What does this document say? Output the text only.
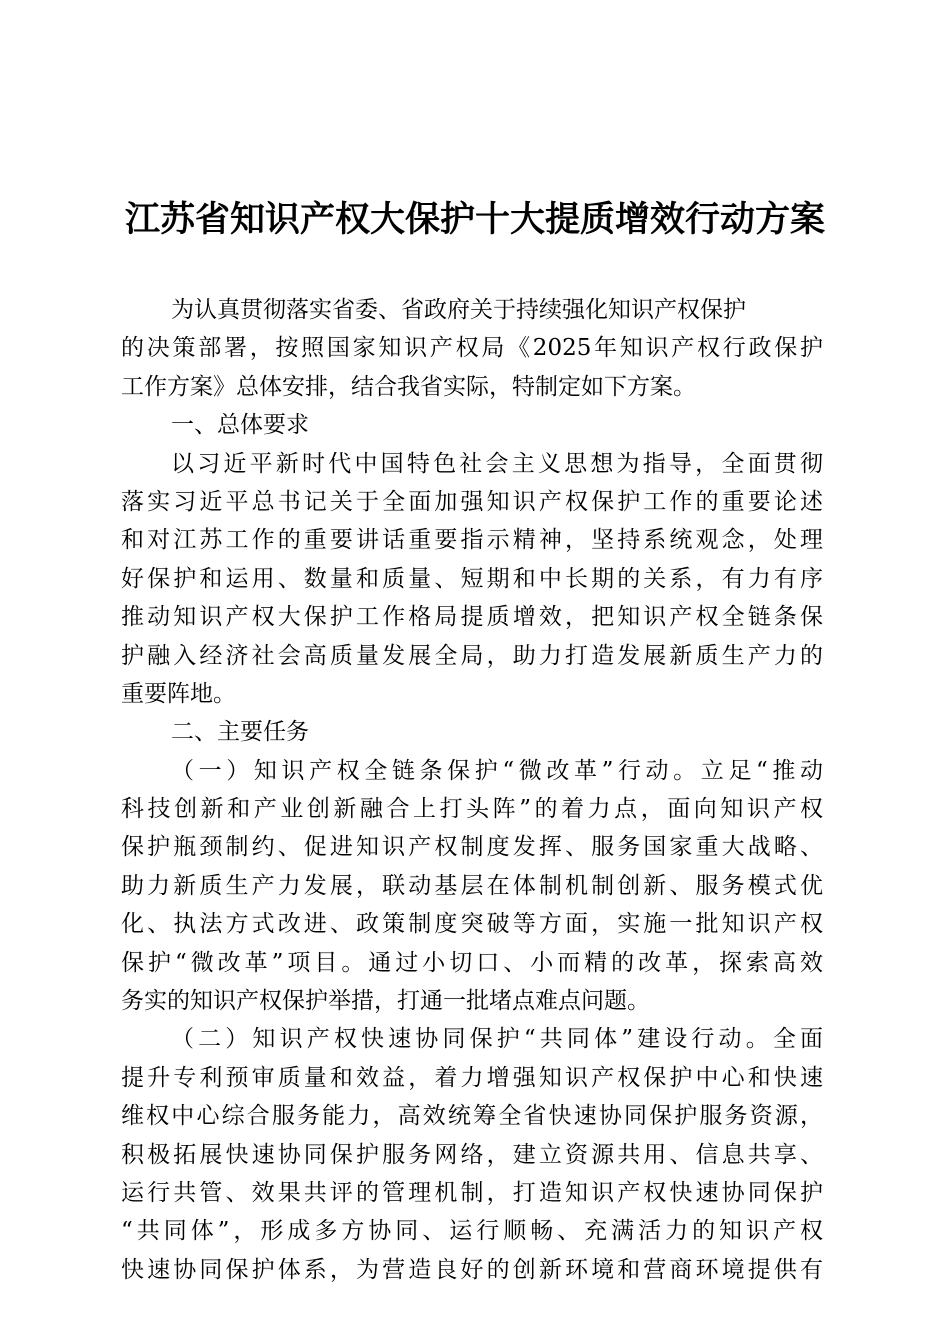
江苏省知识产权大保护十大提质增效行动方案
为认真贯彻落实省委、省政府关于持续强化知识产权保护
的决策部署，按照国家知识产权局《2025年知识产权行政保护
工作方案》总体安排，结合我省实际，特制定如下方案。
一、总体要求
以习近平新时代中国特色社会主义思想为指导，全面贯彻
落实习近平总书记关于全面加强知识产权保护工作的重要论述
和对江苏工作的重要讲话重要指示精神，坚持系统观念，处理
好保护和运用、数量和质量、短期和中长期的关系，有力有序
推动知识产权大保护工作格局提质增效，把知识产权全链条保
护融入经济社会高质量发展全局，助力打造发展新质生产力的
重要阵地。
二、主要任务
（一）知识产权全链条保护“微改革”行动。立足“推动
科技创新和产业创新融合上打头阵”的着力点，面向知识产权
保护瓶颈制约、促进知识产权制度发挥、服务国家重大战略、
助力新质生产力发展，联动基层在体制机制创新、服务模式优
化、执法方式改进、政策制度突破等方面，实施一批知识产权
保护“微改革”项目。通过小切口、小而精的改革，探索高效
务实的知识产权保护举措，打通一批堵点难点问题。
（二）知识产权快速协同保护“共同体”建设行动。全面
提升专利预审质量和效益，着力增强知识产权保护中心和快速
维权中心综合服务能力，高效统筹全省快速协同保护服务资源，
积极拓展快速协同保护服务网络，建立资源共用、信息共享、
运行共管、效果共评的管理机制，打造知识产权快速协同保护
“共同体”，形成多方协同、运行顺畅、充满活力的知识产权
快速协同保护体系，为营造良好的创新环境和营商环境提供有
